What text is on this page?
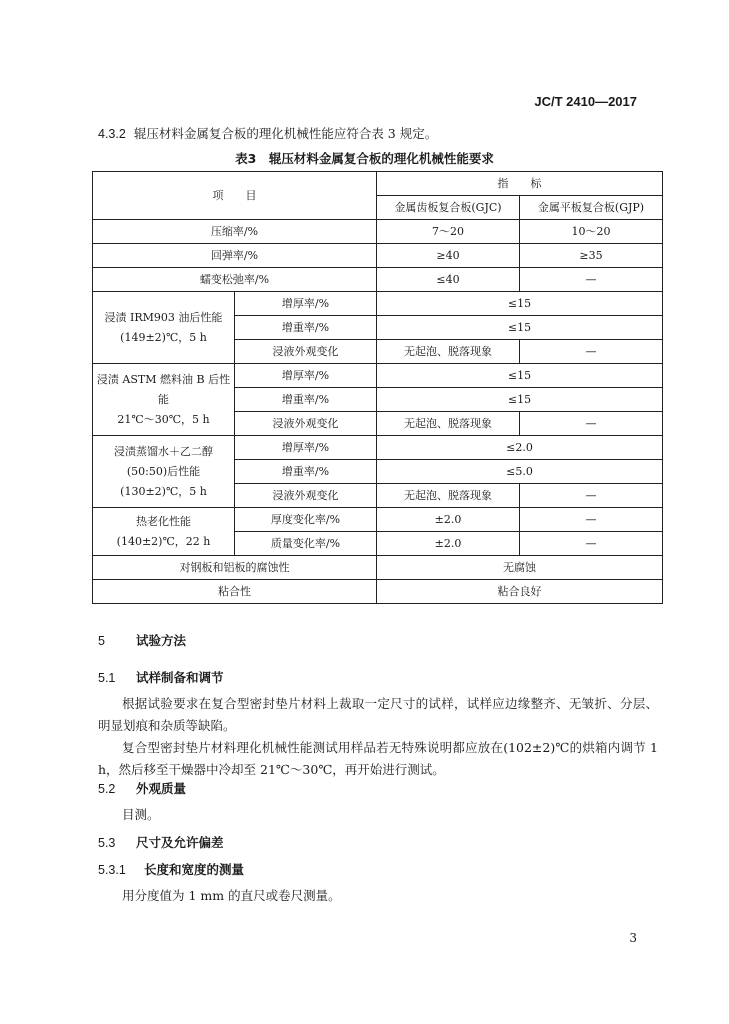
JC/T 2410—2017
4.3.2 辊压材料金属复合板的理化机械性能应符合表 3 规定。
表3　辊压材料金属复合板的理化机械性能要求
项　　目		指　　标	
		金属齿板复合板(GJC)	金属平板复合板(GJP)
压缩率/%		7～20	10～20
回弹率/%		≥40	≥35
蠕变松弛率/%		≤40	—

浸渍 IRM903 油后性能
(149±2)℃，5 h	增厚率/%	≤15	
	增重率/%	≤15	
	浸液外观变化	无起泡、脱落现象	—

浸渍 ASTM 燃料油 B 后性能
21℃～30℃，5 h	增厚率/%	≤15	
	增重率/%	≤15	
	浸液外观变化	无起泡、脱落现象	—

浸渍蒸馏水＋乙二醇
(50:50)后性能
(130±2)℃，5 h	增厚率/%	≤2.0	
	增重率/%	≤5.0	
	浸液外观变化	无起泡、脱落现象	—

热老化性能
(140±2)℃，22 h	厚度变化率/%	±2.0	—
	质量变化率/%	±2.0	—
对钢板和铝板的腐蚀性		无腐蚀	
粘合性		粘合良好	
5 试验方法
5.1 试样制备和调节
根据试验要求在复合型密封垫片材料上裁取一定尺寸的试样，试样应边缘整齐、无皱折、分层、明显划痕和杂质等缺陷。
复合型密封垫片材料理化机械性能测试用样品若无特殊说明都应放在(102±2)℃的烘箱内调节 1 h，然后移至干燥器中冷却至 21℃～30℃，再开始进行测试。
5.2 外观质量
目测。
5.3 尺寸及允许偏差
5.3.1 长度和宽度的测量
用分度值为 1 mm 的直尺或卷尺测量。
3
